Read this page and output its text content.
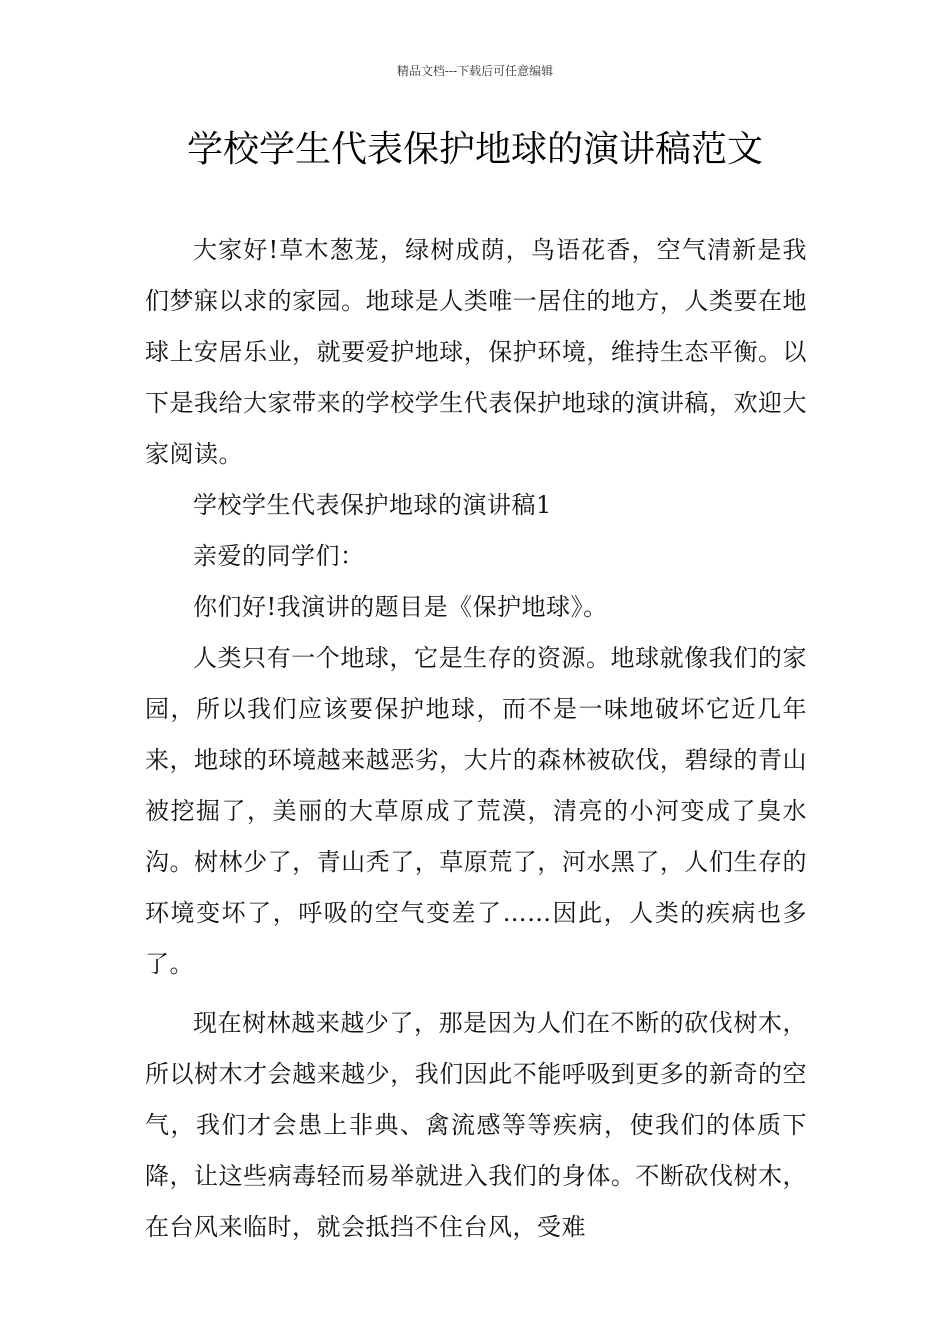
精品文档---下载后可任意编辑
学校学生代表保护地球的演讲稿范文

大家好!草木葱茏，绿树成荫，鸟语花香，空气清新是我们梦寐以求的家园。地球是人类唯一居住的地方，人类要在地球上安居乐业，就要爱护地球，保护环境，维持生态平衡。以下是我给大家带来的学校学生代表保护地球的演讲稿，欢迎大家阅读。

学校学生代表保护地球的演讲稿1

亲爱的同学们：

你们好!我演讲的题目是《保护地球》。

人类只有一个地球，它是生存的资源。地球就像我们的家园，所以我们应该要保护地球，而不是一味地破坏它近几年来，地球的环境越来越恶劣，大片的森林被砍伐，碧绿的青山被挖掘了，美丽的大草原成了荒漠，清亮的小河变成了臭水沟。树林少了，青山秃了，草原荒了，河水黑了，人们生存的环境变坏了，呼吸的空气变差了……因此，人类的疾病也多了。

现在树林越来越少了，那是因为人们在不断的砍伐树木，所以树木才会越来越少，我们因此不能呼吸到更多的新奇的空气，我们才会患上非典、禽流感等等疾病，使我们的体质下降，让这些病毒轻而易举就进入我们的身体。不断砍伐树木，在台风来临时，就会抵挡不住台风，受难
